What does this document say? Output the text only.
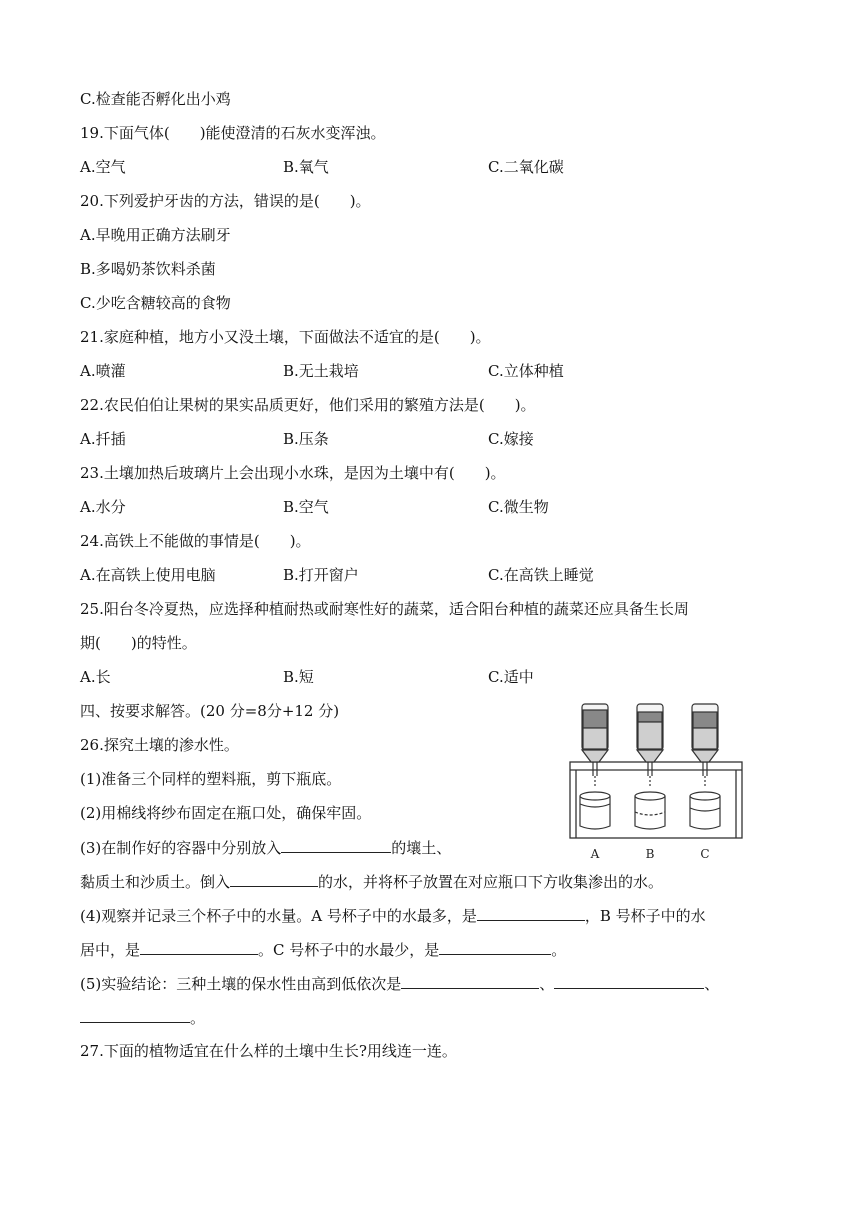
C.检查能否孵化出小鸡
19.下面气体(　　)能使澄清的石灰水变浑浊。
A.空气	B.氧气	C.二氧化碳
20.下列爱护牙齿的方法，错误的是(　　)。
A.早晚用正确方法刷牙
B.多喝奶茶饮料杀菌
C.少吃含糖较高的食物
21.家庭种植，地方小又没土壤，下面做法不适宜的是(　　)。
A.喷灌	B.无土栽培	C.立体种植
22.农民伯伯让果树的果实品质更好，他们采用的繁殖方法是(　　)。
A.扦插	B.压条	C.嫁接
23.土壤加热后玻璃片上会出现小水珠，是因为土壤中有(　　)。
A.水分	B.空气	C.微生物
24.高铁上不能做的事情是(　　)。
A.在高铁上使用电脑	B.打开窗户	C.在高铁上睡觉
25.阳台冬冷夏热，应选择种植耐热或耐寒性好的蔬菜，适合阳台种植的蔬菜还应具备生长周
期(　　)的特性。
A.长	B.短	C.适中
四、按要求解答。(20 分=8分+12 分)
26.探究土壤的渗水性。
(1)准备三个同样的塑料瓶，剪下瓶底。
(2)用棉线将纱布固定在瓶口处，确保牢固。
(3)在制作好的容器中分别放入	的壤土、
黏质土和沙质土。倒入	的水，并将杯子放置在对应瓶口下方收集渗出的水。
(4)观察并记录三个杯子中的水量。A 号杯子中的水最多，是	，B 号杯子中的水
居中，是	。C 号杯子中的水最少，是	。
(5)实验结论：三种土壤的保水性由高到低依次是	、	、
。
27.下面的植物适宜在什么样的土壤中生长?用线连一连。
A	B	C
